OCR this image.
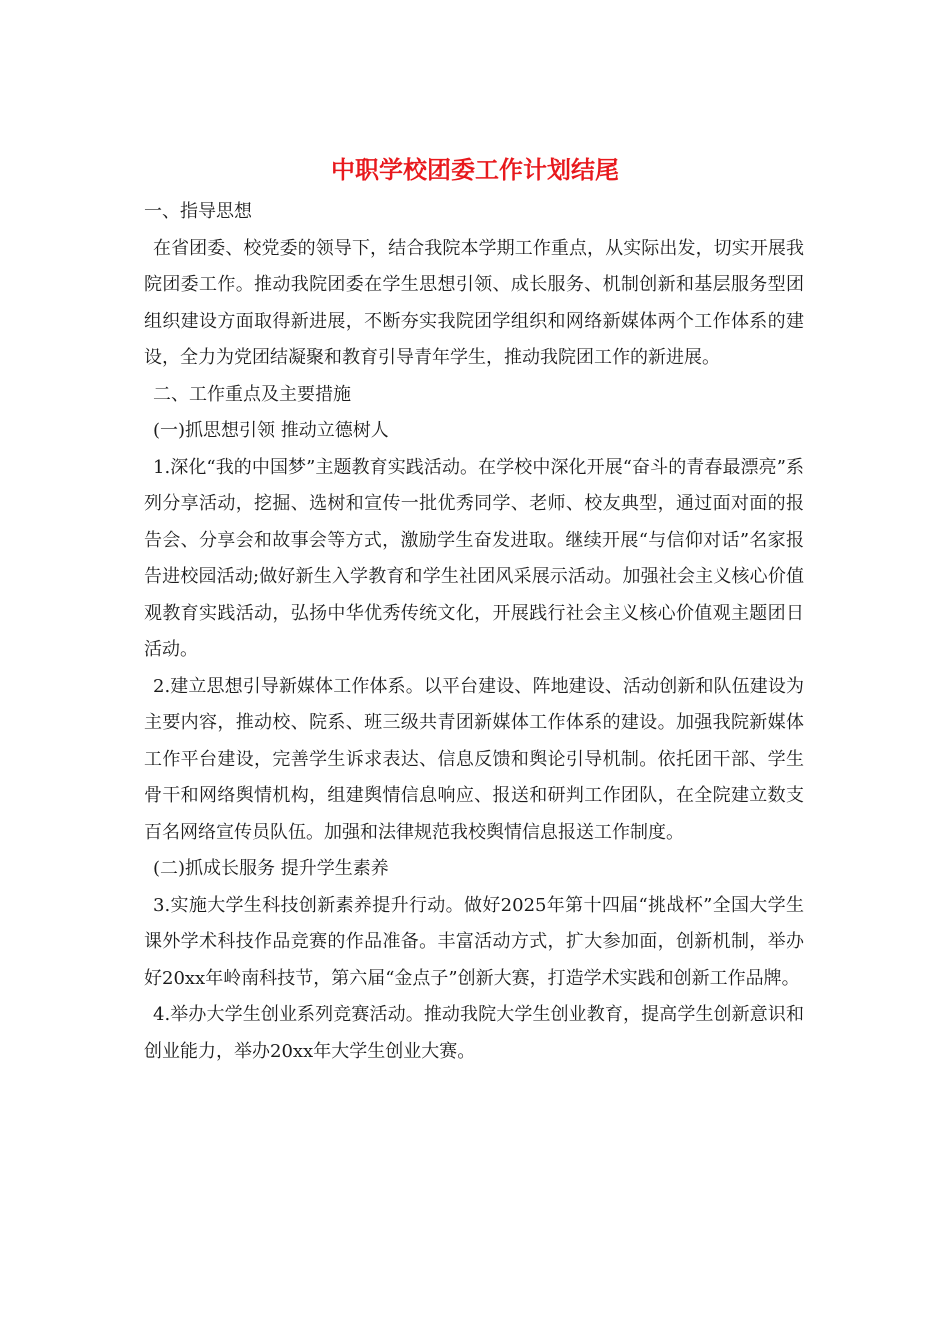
中职学校团委工作计划结尾

一、指导思想

在省团委、校党委的领导下，结合我院本学期工作重点，从实际出发，切实开展我院团委工作。推动我院团委在学生思想引领、成长服务、机制创新和基层服务型团组织建设方面取得新进展，不断夯实我院团学组织和网络新媒体两个工作体系的建设，全力为党团结凝聚和教育引导青年学生，推动我院团工作的新进展。

二、工作重点及主要措施

(一)抓思想引领 推动立德树人

1.深化“我的中国梦”主题教育实践活动。在学校中深化开展“奋斗的青春最漂亮”系列分享活动，挖掘、选树和宣传一批优秀同学、老师、校友典型，通过面对面的报告会、分享会和故事会等方式，激励学生奋发进取。继续开展“与信仰对话”名家报告进校园活动;做好新生入学教育和学生社团风采展示活动。加强社会主义核心价值观教育实践活动，弘扬中华优秀传统文化，开展践行社会主义核心价值观主题团日活动。

2.建立思想引导新媒体工作体系。以平台建设、阵地建设、活动创新和队伍建设为主要内容，推动校、院系、班三级共青团新媒体工作体系的建设。加强我院新媒体工作平台建设，完善学生诉求表达、信息反馈和舆论引导机制。依托团干部、学生骨干和网络舆情机构，组建舆情信息响应、报送和研判工作团队，在全院建立数支百名网络宣传员队伍。加强和法律规范我校舆情信息报送工作制度。

(二)抓成长服务 提升学生素养

3.实施大学生科技创新素养提升行动。做好2025年第十四届“挑战杯”全国大学生课外学术科技作品竞赛的作品准备。丰富活动方式，扩大参加面，创新机制，举办好20xx年岭南科技节，第六届“金点子”创新大赛，打造学术实践和创新工作品牌。

4.举办大学生创业系列竞赛活动。推动我院大学生创业教育，提高学生创新意识和创业能力，举办20xx年大学生创业大赛。
